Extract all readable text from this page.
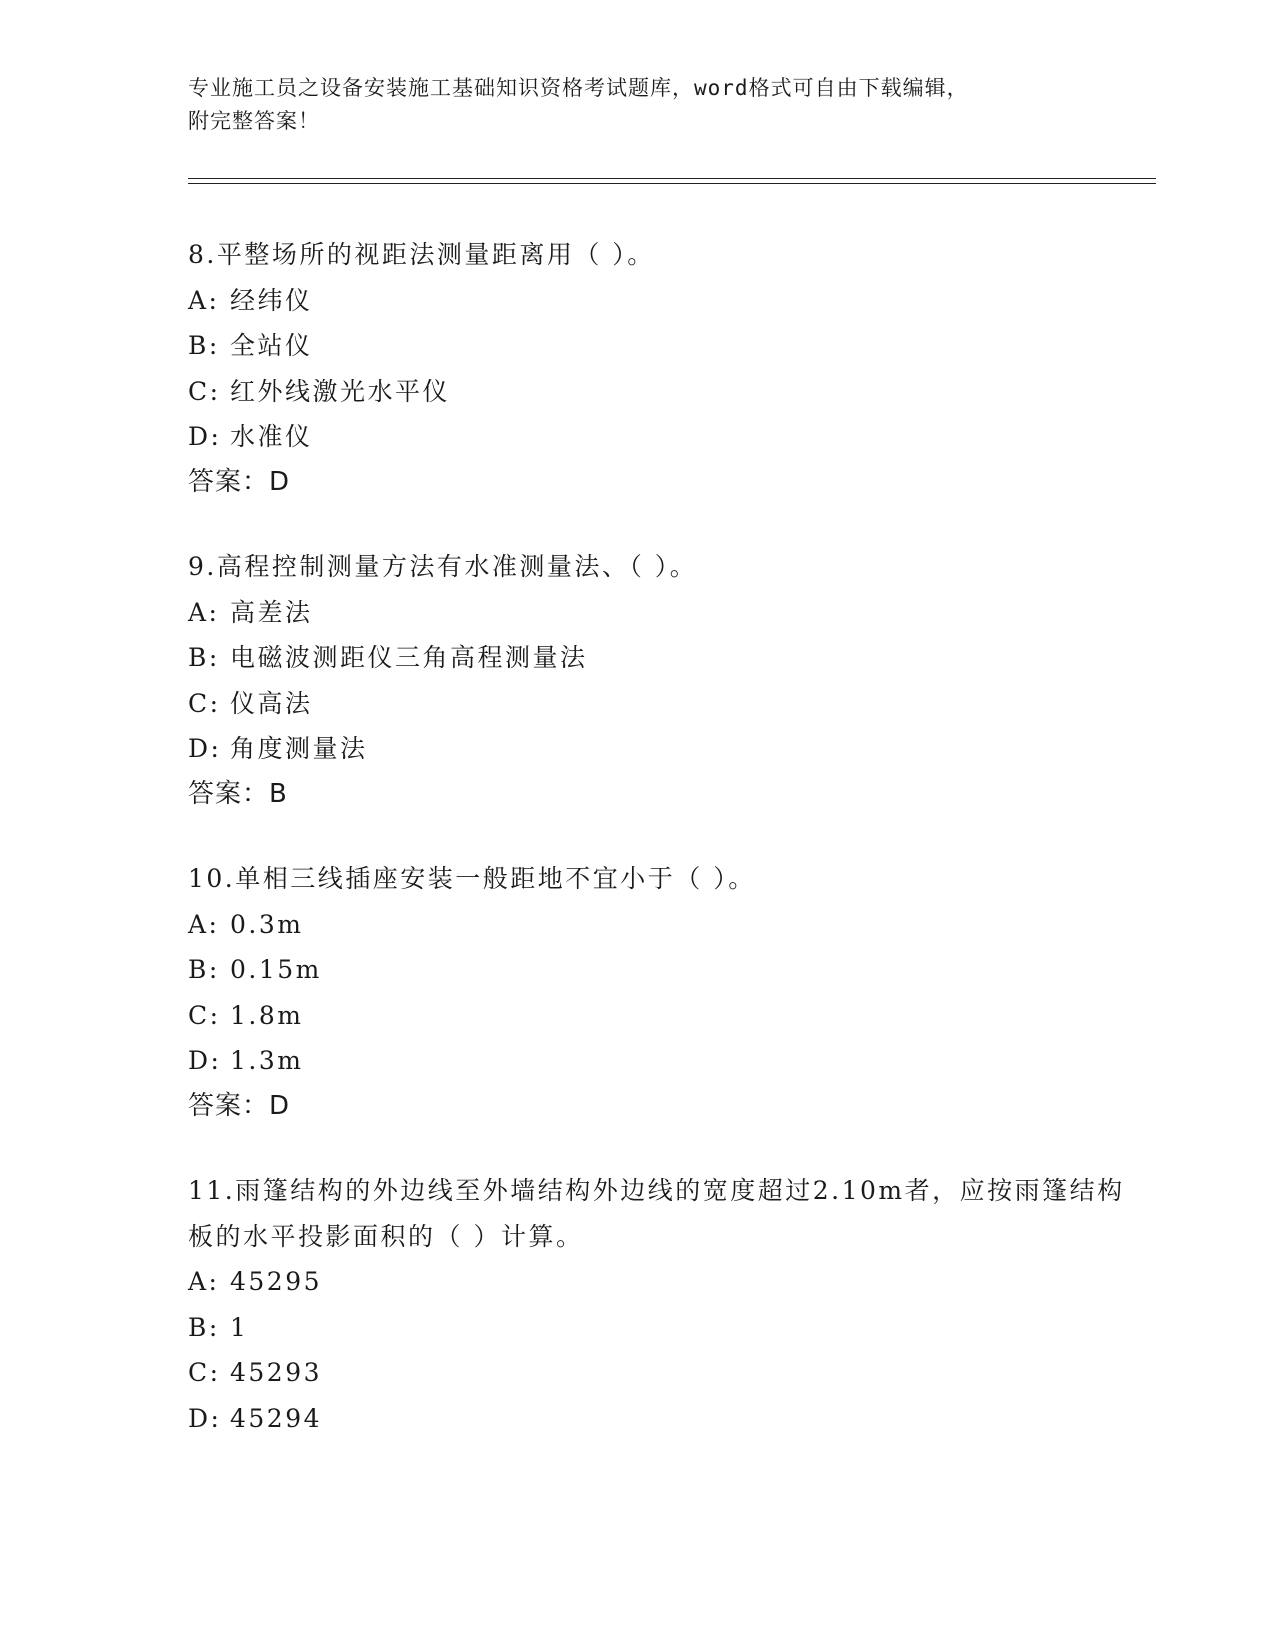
专业施工员之设备安装施工基础知识资格考试题库，word格式可自由下载编辑，
附完整答案！
8.平整场所的视距法测量距离用（ ）。
A: 经纬仪
B: 全站仪
C: 红外线激光水平仪
D: 水准仪
答案：D
9.高程控制测量方法有水准测量法、（ ）。
A: 高差法
B: 电磁波测距仪三角高程测量法
C: 仪高法
D: 角度测量法
答案：B
10.单相三线插座安装一般距地不宜小于（ ）。
A: 0.3m
B: 0.15m
C: 1.8m
D: 1.3m
答案：D
11.雨篷结构的外边线至外墙结构外边线的宽度超过2.10m者，应按雨篷结构板的水平投影面积的（ ）计算。
A: 45295
B: 1
C: 45293
D: 45294
